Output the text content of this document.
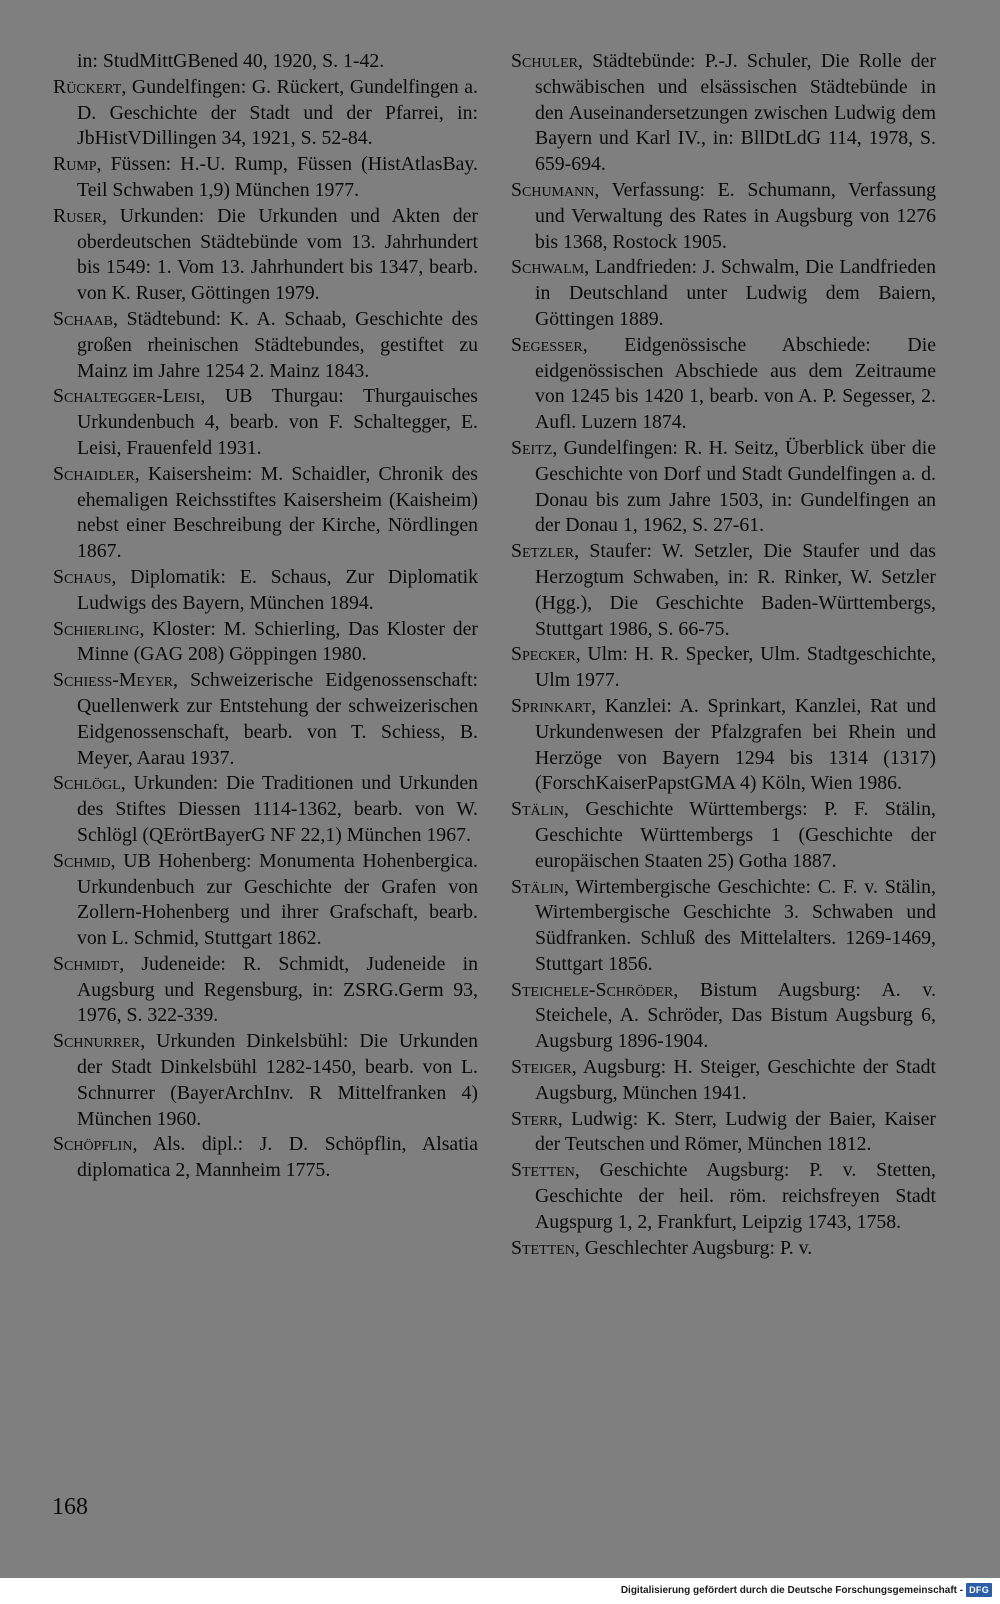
in: StudMittGBened 40, 1920, S. 1-42.

Rückert, Gundelfingen: G. Rückert, Gundelfingen a. D. Geschichte der Stadt und der Pfarrei, in: JbHistVDillingen 34, 1921, S. 52-84.

Rump, Füssen: H.-U. Rump, Füssen (HistAtlasBay. Teil Schwaben 1,9) München 1977.

Ruser, Urkunden: Die Urkunden und Akten der oberdeutschen Städtebünde vom 13. Jahrhundert bis 1549: 1. Vom 13. Jahrhundert bis 1347, bearb. von K. Ruser, Göttingen 1979.

Schaab, Städtebund: K. A. Schaab, Geschichte des großen rheinischen Städtebundes, gestiftet zu Mainz im Jahre 1254 2. Mainz 1843.

Schaltegger-Leisi, UB Thurgau: Thurgauisches Urkundenbuch 4, bearb. von F. Schaltegger, E. Leisi, Frauenfeld 1931.

Schaidler, Kaisersheim: M. Schaidler, Chronik des ehemaligen Reichsstiftes Kaisersheim (Kaisheim) nebst einer Beschreibung der Kirche, Nördlingen 1867.

Schaus, Diplomatik: E. Schaus, Zur Diplomatik Ludwigs des Bayern, München 1894.

Schierling, Kloster: M. Schierling, Das Kloster der Minne (GAG 208) Göppingen 1980.

Schiess-Meyer, Schweizerische Eidgenossenschaft: Quellenwerk zur Entstehung der schweizerischen Eidgenossenschaft, bearb. von T. Schiess, B. Meyer, Aarau 1937.

Schlögl, Urkunden: Die Traditionen und Urkunden des Stiftes Diessen 1114-1362, bearb. von W. Schlögl (QErörtBayerG NF 22,1) München 1967.

Schmid, UB Hohenberg: Monumenta Hohenbergica. Urkundenbuch zur Geschichte der Grafen von Zollern-Hohenberg und ihrer Grafschaft, bearb. von L. Schmid, Stuttgart 1862.

Schmidt, Judeneide: R. Schmidt, Judeneide in Augsburg und Regensburg, in: ZSRG.Germ 93, 1976, S. 322-339.

Schnurrer, Urkunden Dinkelsbühl: Die Urkunden der Stadt Dinkelsbühl 1282-1450, bearb. von L. Schnurrer (BayerArchInv. R Mittelfranken 4) München 1960.

Schöpflin, Als. dipl.: J. D. Schöpflin, Alsatia diplomatica 2, Mannheim 1775.

Schuler, Städtebünde: P.-J. Schuler, Die Rolle der schwäbischen und elsässischen Städtebünde in den Auseinandersetzungen zwischen Ludwig dem Bayern und Karl IV., in: BllDtLdG 114, 1978, S. 659-694.

Schumann, Verfassung: E. Schumann, Verfassung und Verwaltung des Rates in Augsburg von 1276 bis 1368, Rostock 1905.

Schwalm, Landfrieden: J. Schwalm, Die Landfrieden in Deutschland unter Ludwig dem Baiern, Göttingen 1889.

Segesser, Eidgenössische Abschiede: Die eidgenössischen Abschiede aus dem Zeitraume von 1245 bis 1420 1, bearb. von A. P. Segesser, 2. Aufl. Luzern 1874.

Seitz, Gundelfingen: R. H. Seitz, Überblick über die Geschichte von Dorf und Stadt Gundelfingen a. d. Donau bis zum Jahre 1503, in: Gundelfingen an der Donau 1, 1962, S. 27-61.

Setzler, Staufer: W. Setzler, Die Staufer und das Herzogtum Schwaben, in: R. Rinker, W. Setzler (Hgg.), Die Geschichte Baden-Württembergs, Stuttgart 1986, S. 66-75.

Specker, Ulm: H. R. Specker, Ulm. Stadtgeschichte, Ulm 1977.

Sprinkart, Kanzlei: A. Sprinkart, Kanzlei, Rat und Urkundenwesen der Pfalzgrafen bei Rhein und Herzöge von Bayern 1294 bis 1314 (1317) (ForschKaiserPapstGMA 4) Köln, Wien 1986.

Stälin, Geschichte Württembergs: P. F. Stälin, Geschichte Württembergs 1 (Geschichte der europäischen Staaten 25) Gotha 1887.

Stälin, Wirtembergische Geschichte: C. F. v. Stälin, Wirtembergische Geschichte 3. Schwaben und Südfranken. Schluß des Mittelalters. 1269-1469, Stuttgart 1856.

Steichele-Schröder, Bistum Augsburg: A. v. Steichele, A. Schröder, Das Bistum Augsburg 6, Augsburg 1896-1904.

Steiger, Augsburg: H. Steiger, Geschichte der Stadt Augsburg, München 1941.

Sterr, Ludwig: K. Sterr, Ludwig der Baier, Kaiser der Teutschen und Römer, München 1812.

Stetten, Geschichte Augsburg: P. v. Stetten, Geschichte der heil. röm. reichsfreyen Stadt Augspurg 1, 2, Frankfurt, Leipzig 1743, 1758.

Stetten, Geschlechter Augsburg: P. v.

168
Digitalisierung gefördert durch die Deutsche Forschungsgemeinschaft - DFG
